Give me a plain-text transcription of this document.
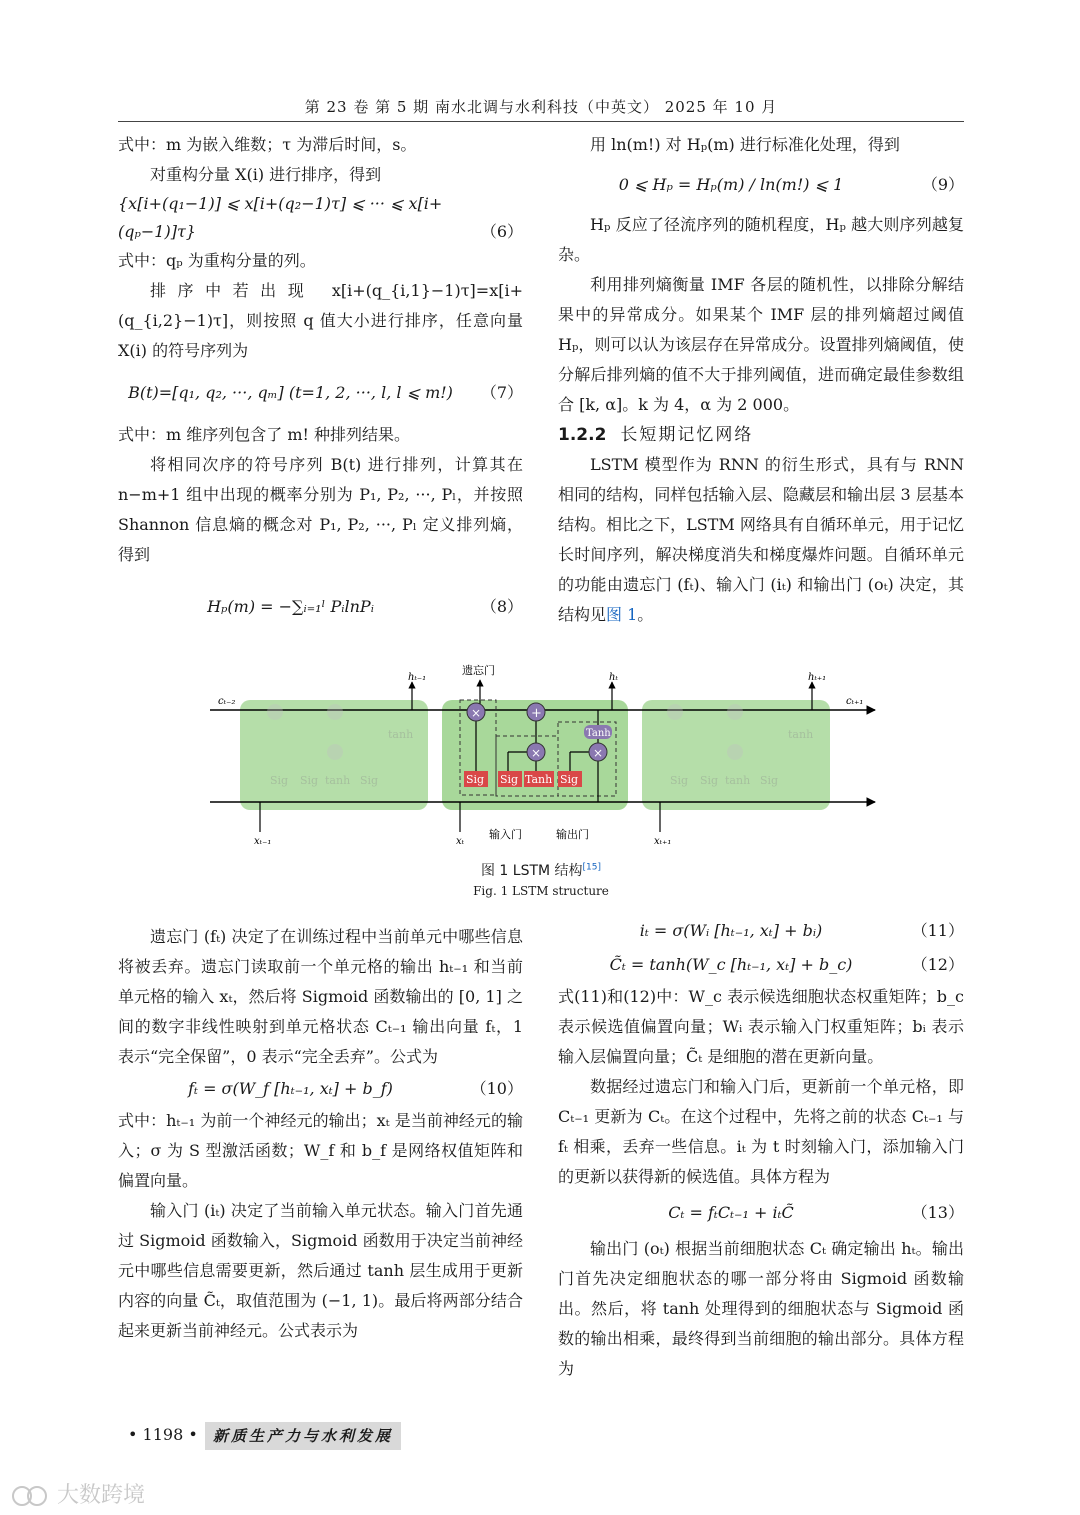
第 23 卷 第 5 期 南水北调与水利科技（中英文） 2025 年 10 月

式中：m 为嵌入维数；τ 为滞后时间，s。

对重构分量 X(i) 进行排序，得到

{x[i+(q₁−1)] ⩽ x[i+(q₂−1)τ] ⩽ ··· ⩽ x[i+(qₚ−1)]τ}	（6）

式中：qₚ 为重构分量的列。

排序中若出现 x[i+(q_{i,1}−1)τ]=x[i+(q_{i,2}−1)τ]，则按照 q 值大小进行排序，任意向量 X(i) 的符号序列为

B(t)=[q₁, q₂, ···, qₘ] (t=1, 2, ···, l, l ⩽ m!)	（7）

式中：m 维序列包含了 m! 种排列结果。

将相同次序的符号序列 B(t) 进行排列，计算其在 n−m+1 组中出现的概率分别为 P₁, P₂, ···, Pₗ，并按照 Shannon 信息熵的概念对 P₁, P₂, ···, Pₗ 定义排列熵，得到

Hₚ(m) = −∑ᵢ₌₁ˡ PᵢlnPᵢ	（8）

用 ln(m!) 对 Hₚ(m) 进行标准化处理，得到

0 ⩽ Hₚ = Hₚ(m) / ln(m!) ⩽ 1	（9）

Hₚ 反应了径流序列的随机程度，Hₚ 越大则序列越复杂。

利用排列熵衡量 IMF 各层的随机性，以排除分解结果中的异常成分。如果某个 IMF 层的排列熵超过阈值 Hₚ，则可以认为该层存在异常成分。设置排列熵阈值，使分解后排列熵的值不大于排列阈值，进而确定最佳参数组合 [k, α]。k 为 4，α 为 2 000。

1.2.2 长短期记忆网络

LSTM 模型作为 RNN 的衍生形式，具有与 RNN 相同的结构，同样包括输入层、隐藏层和输出层 3 层基本结构。相比之下，LSTM 网络具有自循环单元，用于记忆长时间序列，解决梯度消失和梯度爆炸问题。自循环单元的功能由遗忘门 (fₜ)、输入门 (iₜ) 和输出门 (oₜ) 决定，其结构见图 1。

Sig Sig tanh Sig
tanh
Sig Sig tanh Sig
tanh
×	+
×	×
Tanh
Sig Sig Tanh Sig
cₜ₋₂	cₜ₊₁
hₜ₋₁	hₜ	hₜ₊₁
遗忘门
输入门	输出门
xₜ₋₁	xₜ	xₜ₊₁
图 1 LSTM 结构[15]
Fig. 1 LSTM structure

遗忘门 (fₜ) 决定了在训练过程中当前单元中哪些信息将被丢弃。遗忘门读取前一个单元格的输出 hₜ₋₁ 和当前单元格的输入 xₜ，然后将 Sigmoid 函数输出的 [0, 1] 之间的数字非线性映射到单元格状态 Cₜ₋₁ 输出向量 fₜ，1 表示“完全保留”，0 表示“完全丢弃”。公式为

fₜ = σ(W_f [hₜ₋₁, xₜ] + b_f)	（10）

式中：hₜ₋₁ 为前一个神经元的输出；xₜ 是当前神经元的输入；σ 为 S 型激活函数；W_f 和 b_f 是网络权值矩阵和偏置向量。

输入门 (iₜ) 决定了当前输入单元状态。输入门首先通过 Sigmoid 函数输入，Sigmoid 函数用于决定当前神经元中哪些信息需要更新，然后通过 tanh 层生成用于更新内容的向量 C̃ₜ，取值范围为 (−1, 1)。最后将两部分结合起来更新当前神经元。公式表示为

iₜ = σ(Wᵢ [hₜ₋₁, xₜ] + bᵢ)	（11）
C̃ₜ = tanh(W_c [hₜ₋₁, xₜ] + b_c)	（12）

式(11)和(12)中：W_c 表示候选细胞状态权重矩阵；b_c 表示候选值偏置向量；Wᵢ 表示输入门权重矩阵；bᵢ 表示输入层偏置向量；C̃ₜ 是细胞的潜在更新向量。

数据经过遗忘门和输入门后，更新前一个单元格，即 Cₜ₋₁ 更新为 Cₜ。在这个过程中，先将之前的状态 Cₜ₋₁ 与 fₜ 相乘，丢弃一些信息。iₜ 为 t 时刻输入门，添加输入门的更新以获得新的候选值。具体方程为

Cₜ = fₜCₜ₋₁ + iₜC̃	（13）

输出门 (oₜ) 根据当前细胞状态 Cₜ 确定输出 hₜ。输出门首先决定细胞状态的哪一部分将由 Sigmoid 函数输出。然后，将 tanh 处理得到的细胞状态与 Sigmoid 函数的输出相乘，最终得到当前细胞的输出部分。具体方程为

• 1198 •	新质生产力与水利发展
大数跨境
